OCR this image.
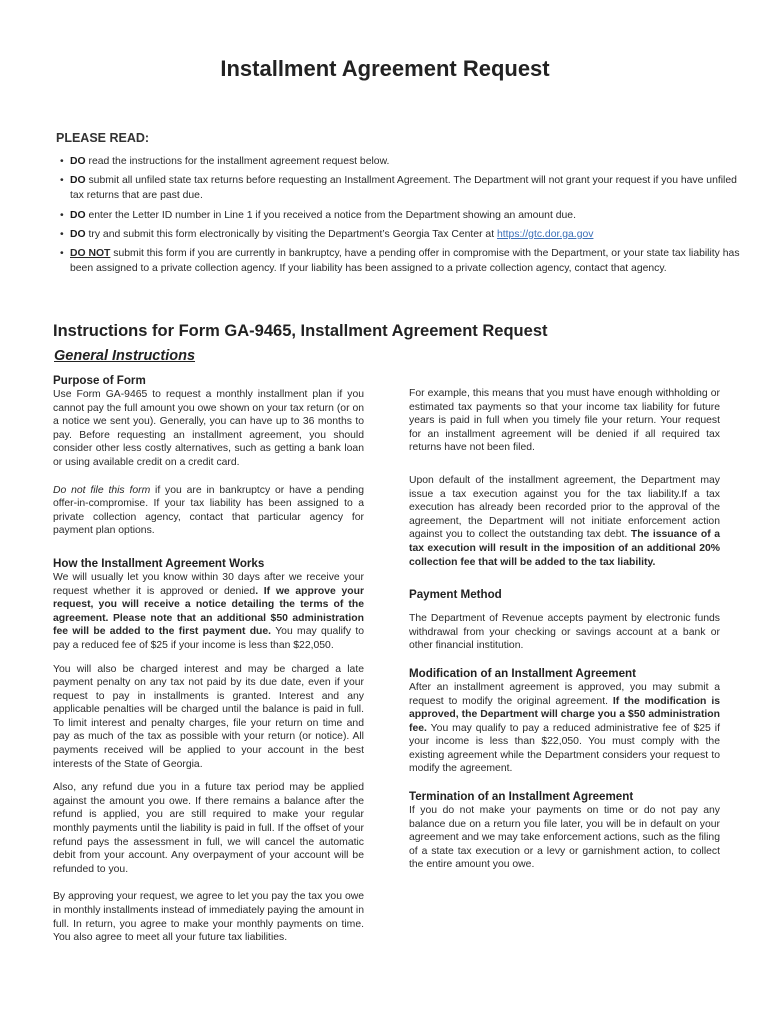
Installment Agreement Request
PLEASE READ:
• DO read the instructions for the installment agreement request below.
• DO submit all unfiled state tax returns before requesting an Installment Agreement. The Department will not grant your request if you have unfiled tax returns that are past due.
• DO enter the Letter ID number in Line 1 if you received a notice from the Department showing an amount due.
• DO try and submit this form electronically by visiting the Department’s Georgia Tax Center at https://gtc.dor.ga.gov
• DO NOT submit this form if you are currently in bankruptcy, have a pending offer in compromise with the Department, or your state tax liability has been assigned to a private collection agency. If your liability has been assigned to a private collection agency, contact that agency.
Instructions for Form GA-9465, Installment Agreement Request
General Instructions
Purpose of Form

Use Form GA-9465 to request a monthly installment plan if you cannot pay the full amount you owe shown on your tax return (or on a notice we sent you). Generally, you can have up to 36 months to pay. Before requesting an installment agreement, you should consider other less costly alternatives, such as getting a bank loan or using available credit on a credit card.

Do not file this form if you are in bankruptcy or have a pending offer-in-compromise. If your tax liability has been assigned to a private collection agency, contact that particular agency for payment plan options.

How the Installment Agreement Works

We will usually let you know within 30 days after we receive your request whether it is approved or denied. If we approve your request, you will receive a notice detailing the terms of the agreement. Please note that an additional $50 administration fee will be added to the first payment due. You may qualify to pay a reduced fee of $25 if your income is less than $22,050.

You will also be charged interest and may be charged a late payment penalty on any tax not paid by its due date, even if your request to pay in installments is granted. Interest and any applicable penalties will be charged until the balance is paid in full. To limit interest and penalty charges, file your return on time and pay as much of the tax as possible with your return (or notice). All payments received will be applied to your account in the best interests of the State of Georgia.

Also, any refund due you in a future tax period may be applied against the amount you owe. If there remains a balance after the refund is applied, you are still required to make your regular monthly payments until the liability is paid in full. If the offset of your refund pays the assessment in full, we will cancel the automatic debit from your account. Any overpayment of your account will be refunded to you.

By approving your request, we agree to let you pay the tax you owe in monthly installments instead of immediately paying the amount in full. In return, you agree to make your monthly payments on time. You also agree to meet all your future tax liabilities.

For example, this means that you must have enough withholding or estimated tax payments so that your income tax liability for future years is paid in full when you timely file your return. Your request for an installment agreement will be denied if all required tax returns have not been filed.

Upon default of the installment agreement, the Department may issue a tax execution against you for the tax liability.If a tax execution has already been recorded prior to the approval of the agreement, the Department will not initiate enforcement action against you to collect the outstanding tax debt. The issuance of a tax execution will result in the imposition of an additional 20% collection fee that will be added to the tax liability.

Payment Method

The Department of Revenue accepts payment by electronic funds withdrawal from your checking or savings account at a bank or other financial institution.

Modification of an Installment Agreement

After an installment agreement is approved, you may submit a request to modify the original agreement. If the modification is approved, the Department will charge you a $50 administration fee. You may qualify to pay a reduced administrative fee of $25 if your income is less than $22,050. You must comply with the existing agreement while the Department considers your request to modify the agreement.

Termination of an Installment Agreement

If you do not make your payments on time or do not pay any balance due on a return you file later, you will be in default on your agreement and we may take enforcement actions, such as the filing of a state tax execution or a levy or garnishment action, to collect the entire amount you owe.
